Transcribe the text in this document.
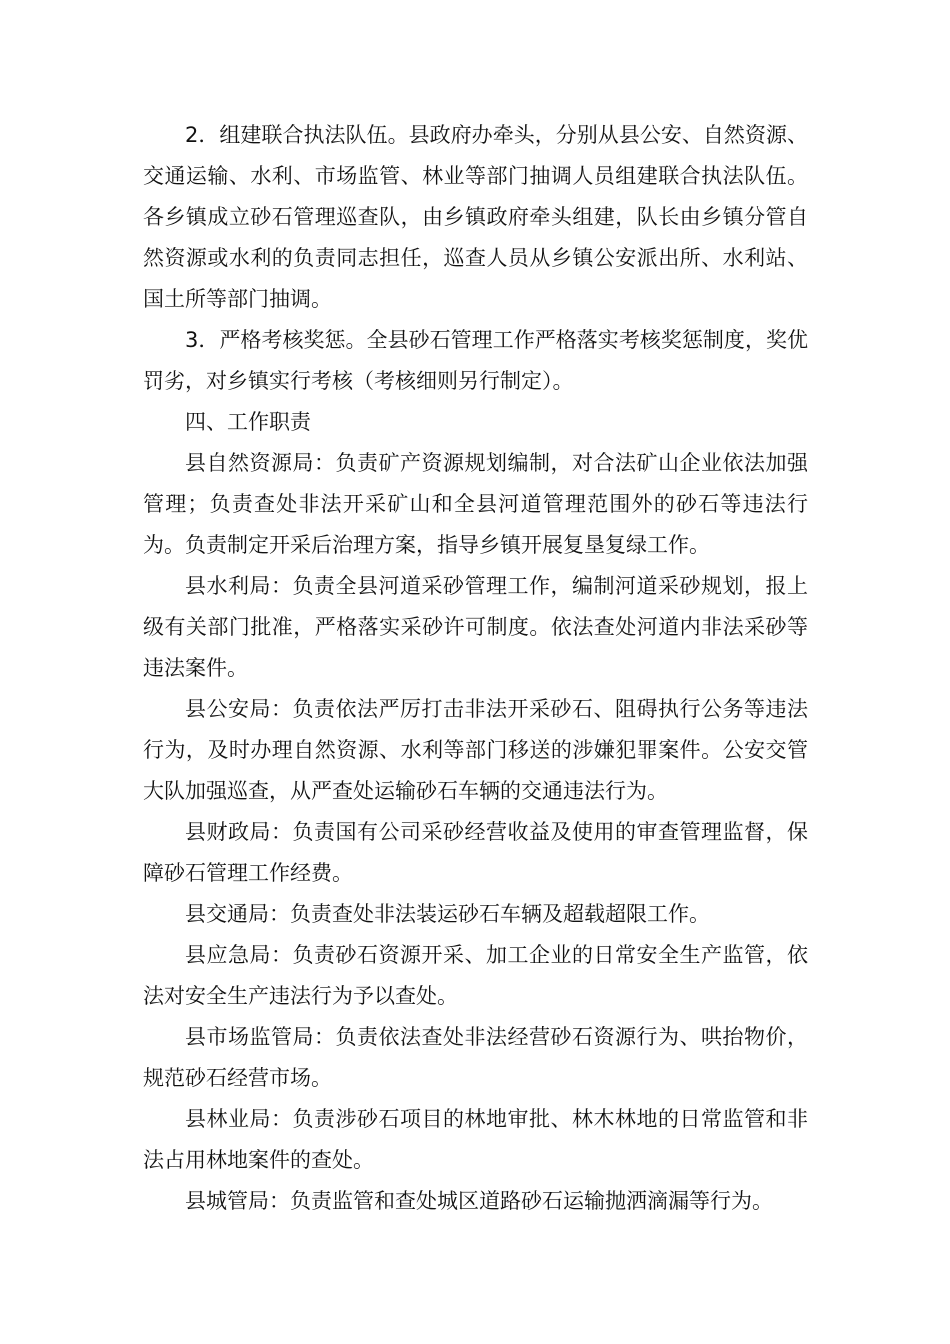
2．组建联合执法队伍。县政府办牵头，分别从县公安、自然资源、交通运输、水利、市场监管、林业等部门抽调人员组建联合执法队伍。各乡镇成立砂石管理巡查队，由乡镇政府牵头组建，队长由乡镇分管自然资源或水利的负责同志担任，巡查人员从乡镇公安派出所、水利站、国土所等部门抽调。

3．严格考核奖惩。全县砂石管理工作严格落实考核奖惩制度，奖优罚劣，对乡镇实行考核（考核细则另行制定）。

四、工作职责

县自然资源局：负责矿产资源规划编制，对合法矿山企业依法加强管理；负责查处非法开采矿山和全县河道管理范围外的砂石等违法行为。负责制定开采后治理方案，指导乡镇开展复垦复绿工作。

县水利局：负责全县河道采砂管理工作，编制河道采砂规划，报上级有关部门批准，严格落实采砂许可制度。依法查处河道内非法采砂等违法案件。

县公安局：负责依法严厉打击非法开采砂石、阻碍执行公务等违法行为，及时办理自然资源、水利等部门移送的涉嫌犯罪案件。公安交管大队加强巡查，从严查处运输砂石车辆的交通违法行为。

县财政局：负责国有公司采砂经营收益及使用的审查管理监督，保障砂石管理工作经费。

县交通局：负责查处非法装运砂石车辆及超载超限工作。

县应急局：负责砂石资源开采、加工企业的日常安全生产监管，依法对安全生产违法行为予以查处。

县市场监管局：负责依法查处非法经营砂石资源行为、哄抬物价，规范砂石经营市场。

县林业局：负责涉砂石项目的林地审批、林木林地的日常监管和非法占用林地案件的查处。

县城管局：负责监管和查处城区道路砂石运输抛洒滴漏等行为。
